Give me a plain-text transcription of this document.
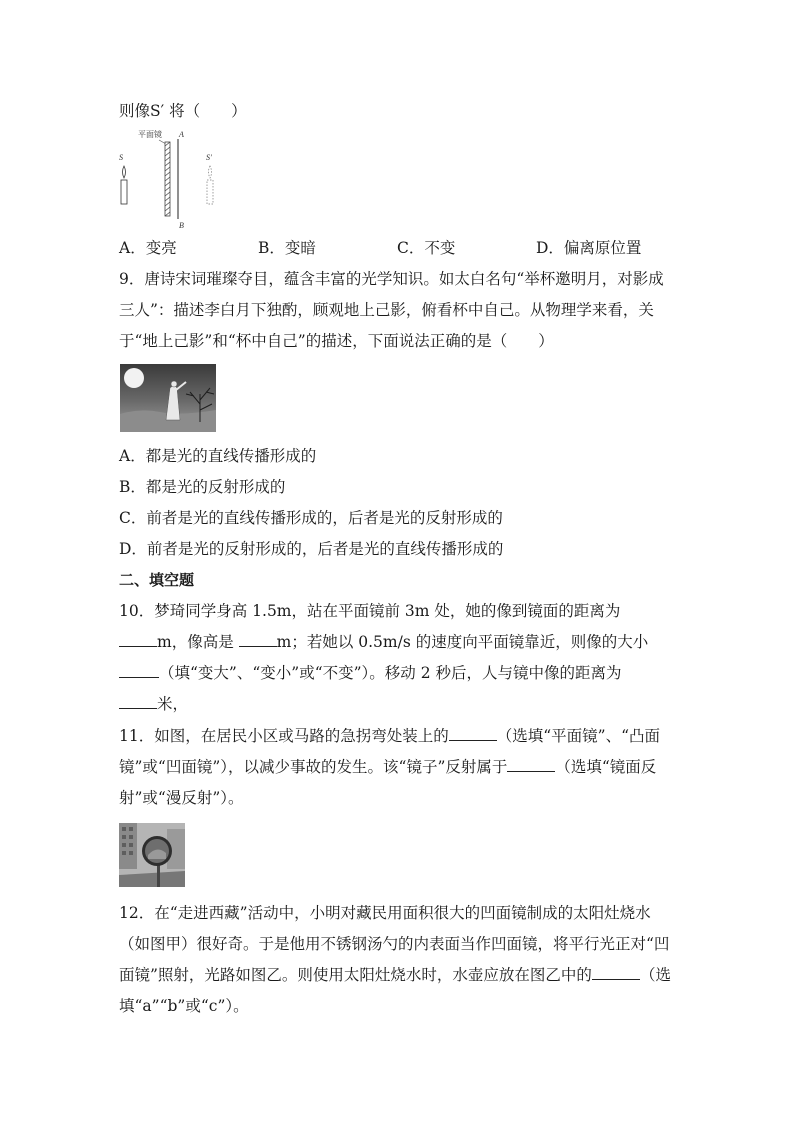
则像S′ 将（　　）
平面镜 A
B
S	S′
A．变亮	B．变暗	C．不变	D．偏离原位置
9．唐诗宋词璀璨夺目，蕴含丰富的光学知识。如太白名句“举杯邀明月，对影成
三人”：描述李白月下独酌，顾观地上己影，俯看杯中自己。从物理学来看，关
于“地上己影”和“杯中自己”的描述，下面说法正确的是（　　）
A．都是光的直线传播形成的
B．都是光的反射形成的
C．前者是光的直线传播形成的，后者是光的反射形成的
D．前者是光的反射形成的，后者是光的直线传播形成的
二、填空题
10．梦琦同学身高 1.5m，站在平面镜前 3m 处，她的像到镜面的距离为
m，像高是 m；若她以 0.5m/s 的速度向平面镜靠近，则像的大小
（填“变大”、“变小”或“不变”）。移动 2 秒后，人与镜中像的距离为
米，
11．如图，在居民小区或马路的急拐弯处装上的	（选填“平面镜”、“凸面
镜”或“凹面镜”），以减少事故的发生。该“镜子”反射属于	（选填“镜面反
射”或“漫反射”）。
12．在“走进西藏”活动中，小明对藏民用面积很大的凹面镜制成的太阳灶烧水
（如图甲）很好奇。于是他用不锈钢汤勺的内表面当作凹面镜，将平行光正对“凹
面镜”照射，光路如图乙。则使用太阳灶烧水时，水壶应放在图乙中的	（选
填“a”“b”或“c”）。
